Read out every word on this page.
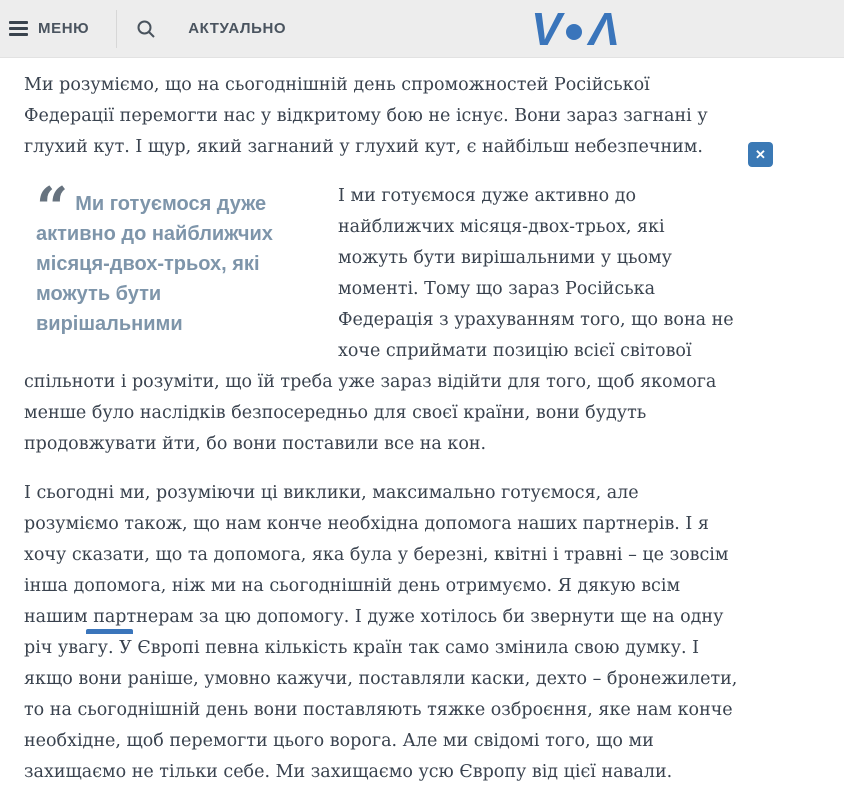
МЕНЮ	АКТУАЛЬНО	V Λ

Ми розуміємо, що на сьогоднішній день спроможностей Російської Федерації перемогти нас у відкритому бою не існує. Вони зараз загнані у глухий кут. І щур, який загнаний у глухий кут, є найбільш небезпечним.

“ Ми готуємося дуже активно до найближчих місяця-двох-трьох, які можуть бути вирішальними

І ми готуємося дуже активно до найближчих місяця-двох-трьох, які можуть бути вирішальними у цьому моменті. Тому що зараз Російська Федерація з урахуванням того, що вона не хоче сприймати позицію всієї світової спільноти і розуміти, що їй треба уже зараз відійти для того, щоб якомога менше було наслідків безпосередньо для своєї країни, вони будуть продовжувати йти, бо вони поставили все на кон.

І сьогодні ми, розуміючи ці виклики, максимально готуємося, але розуміємо також, що нам конче необхідна допомога наших партнерів. І я хочу сказати, що та допомога, яка була у березні, квітні і травні – це зовсім інша допомога, ніж ми на сьогоднішній день отримуємо. Я дякую всім нашим партнерам за цю допомогу. І дуже хотілось би звернути ще на одну річ увагу. У Європі певна кількість країн так само змінила свою думку. І якщо вони раніше, умовно кажучи, поставляли каски, дехто – бронежилети, то на сьогоднішній день вони поставляють тяжке озброєння, яке нам конче необхідне, щоб перемогти цього ворога. Але ми свідомі того, що ми захищаємо не тільки себе. Ми захищаємо усю Європу від цієї навали.

✕
